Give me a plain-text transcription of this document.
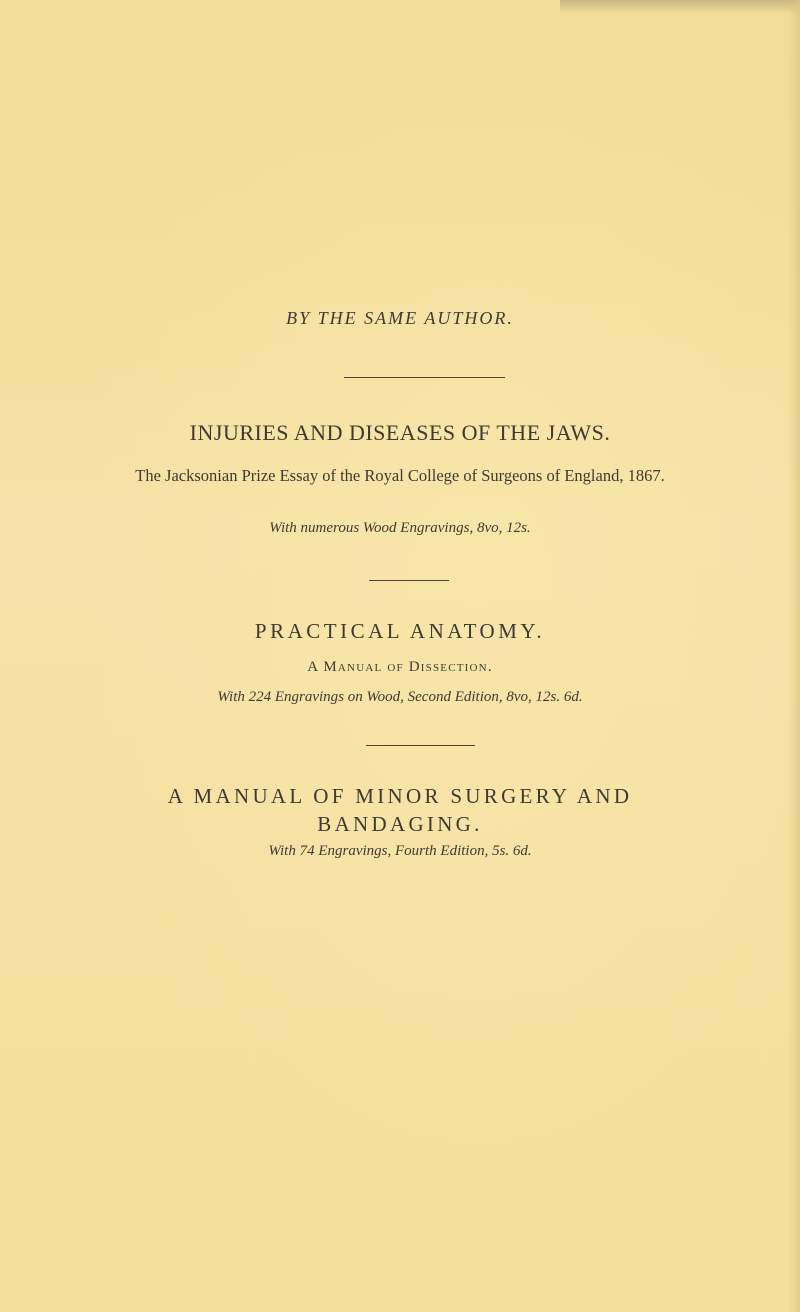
BY THE SAME AUTHOR.
INJURIES AND DISEASES OF THE JAWS.
The Jacksonian Prize Essay of the Royal College of Surgeons of England, 1867.
With numerous Wood Engravings, 8vo, 12s.
PRACTICAL ANATOMY.
A Manual of Dissection.
With 224 Engravings on Wood, Second Edition, 8vo, 12s. 6d.
A MANUAL OF MINOR SURGERY AND
BANDAGING.
With 74 Engravings, Fourth Edition, 5s. 6d.
